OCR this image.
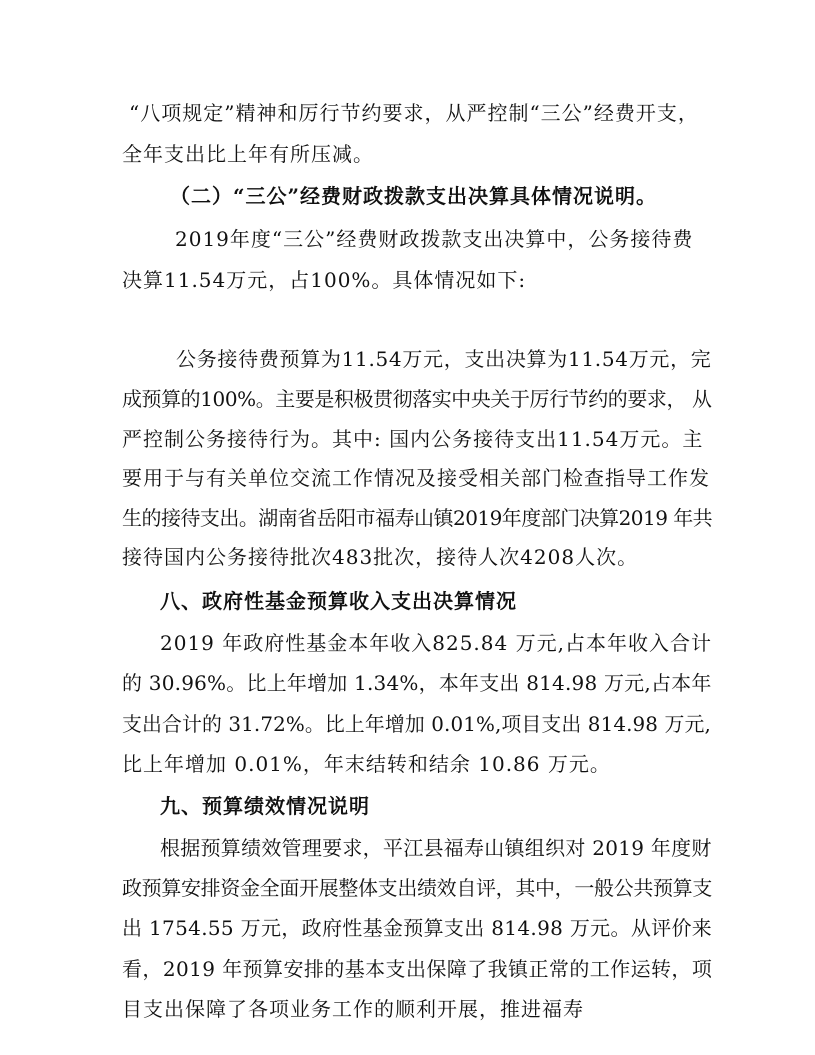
“八项规定”精神和厉行节约要求，从严控制“三公”经费开支，
全年支出比上年有所压减。
（二）“三公”经费财政拨款支出决算具体情况说明。
2019年度“三公”经费财政拨款支出决算中，公务接待费
决算11.54万元，占100%。具体情况如下:
公务接待费预算为11.54万元，支出决算为11.54万元，完
成预算的100%。主要是积极贯彻落实中央关于厉行节约的要求， 从
严控制公务接待行为。其中: 国内公务接待支出11.54万元。主
要用于与有关单位交流工作情况及接受相关部门检查指导工作发
生的接待支出。湖南省岳阳市福寿山镇2019年度部门决算2019 年共
接待国内公务接待批次483批次，接待人次4208人次。
八、政府性基金预算收入支出决算情况
2019 年政府性基金本年收入825.84 万元,占本年收入合计
的 30.96%。比上年增加 1.34%，本年支出 814.98 万元,占本年
支出合计的 31.72%。比上年增加 0.01%,项目支出 814.98 万元,
比上年增加 0.01%，年末结转和结余 10.86 万元。
九、预算绩效情况说明
根据预算绩效管理要求，平江县福寿山镇组织对 2019 年度财
政预算安排资金全面开展整体支出绩效自评，其中，一般公共预算支
出 1754.55 万元，政府性基金预算支出 814.98 万元。从评价来
看，2019 年预算安排的基本支出保障了我镇正常的工作运转，项
目支出保障了各项业务工作的顺利开展，推进福寿
